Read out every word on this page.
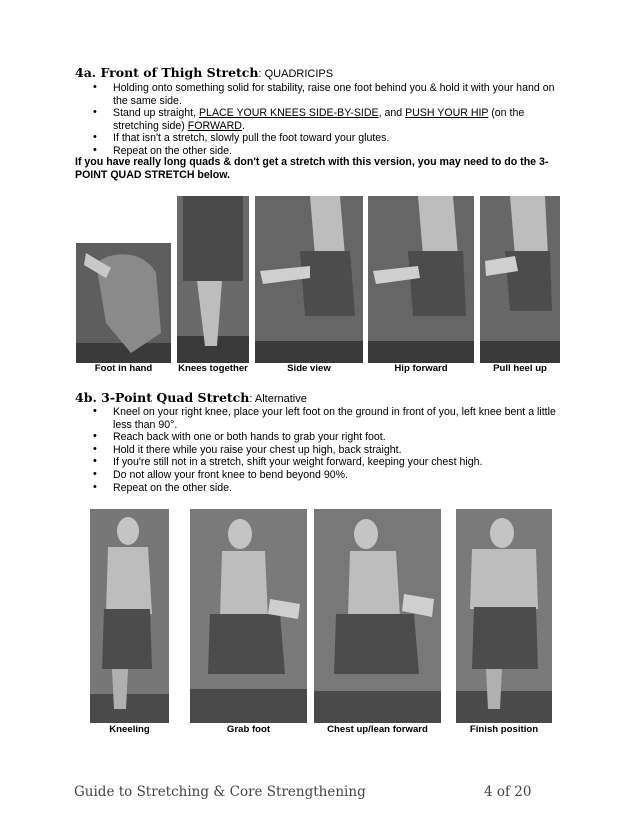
4a. Front of Thigh Stretch: QUADRICIPS
• Holding onto something solid for stability, raise one foot behind you & hold it with your hand on the same side.
• Stand up straight, PLACE YOUR KNEES SIDE-BY-SIDE, and PUSH YOUR HIP (on the stretching side) FORWARD.
• If that isn't a stretch, slowly pull the foot toward your glutes.
• Repeat on the other side.
If you have really long quads & don't get a stretch with this version, you may need to do the 3-POINT QUAD STRETCH below.
Foot in hand	Knees together	Side view	Hip forward	Pull heel up
4b. 3-Point Quad Stretch: Alternative
• Kneel on your right knee, place your left foot on the ground in front of you, left knee bent a little less than 90°.
• Reach back with one or both hands to grab your right foot.
• Hold it there while you raise your chest up high, back straight.
• If you're still not in a stretch, shift your weight forward, keeping your chest high.
• Do not allow your front knee to bend beyond 90%.
• Repeat on the other side.
Kneeling	Grab foot	Chest up/lean forward	Finish position
Guide to Stretching & Core Strengthening	4 of 20
